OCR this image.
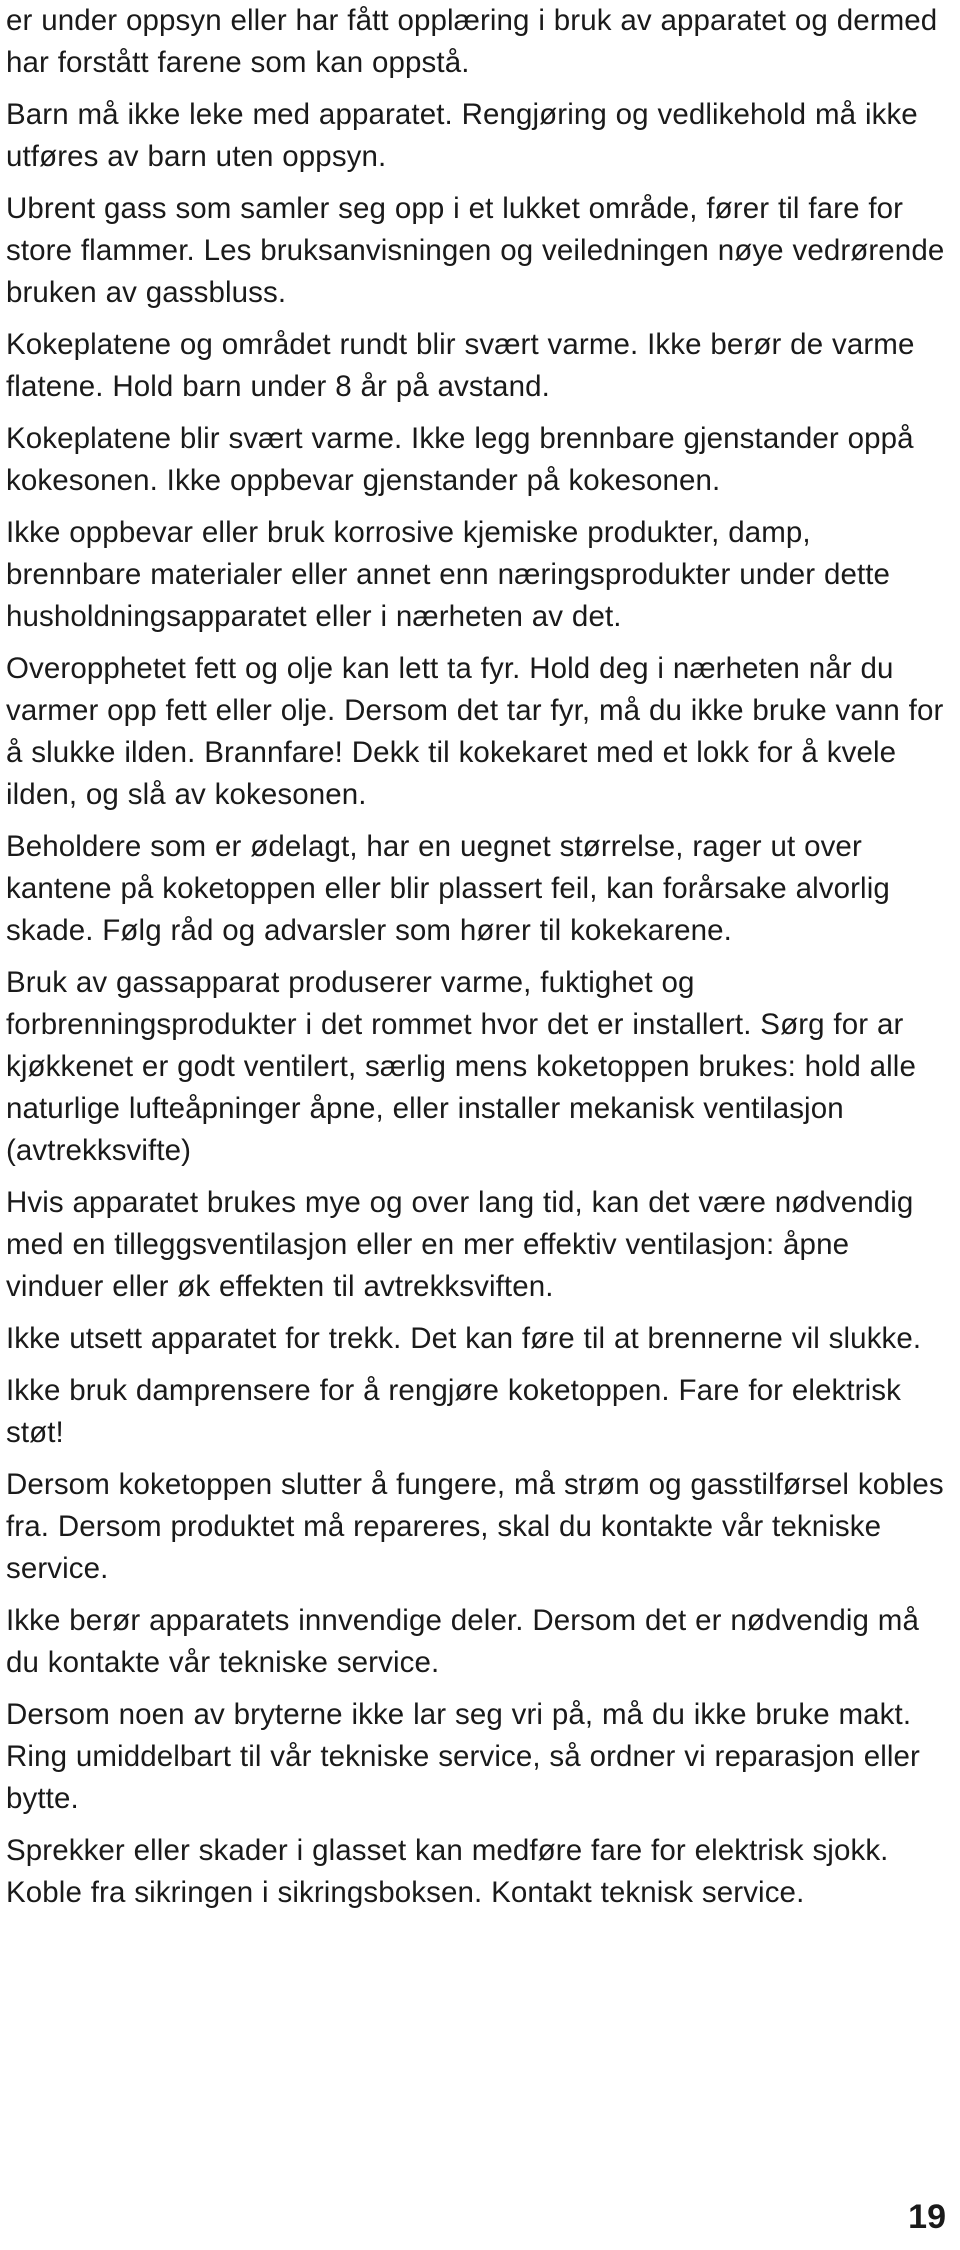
er under oppsyn eller har fått opplæring i bruk av apparatet og dermed har forstått farene som kan oppstå.

Barn må ikke leke med apparatet. Rengjøring og vedlikehold må ikke utføres av barn uten oppsyn.

Ubrent gass som samler seg opp i et lukket område, fører til fare for store flammer. Les bruksanvisningen og veiledningen nøye vedrørende bruken av gassbluss.

Kokeplatene og området rundt blir svært varme. Ikke berør de varme flatene. Hold barn under 8 år på avstand.

Kokeplatene blir svært varme. Ikke legg brennbare gjenstander oppå kokesonen. Ikke oppbevar gjenstander på kokesonen.

Ikke oppbevar eller bruk korrosive kjemiske produkter, damp, brennbare materialer eller annet enn næringsprodukter under dette husholdningsapparatet eller i nærheten av det.

Overopphetet fett og olje kan lett ta fyr. Hold deg i nærheten når du varmer opp fett eller olje. Dersom det tar fyr, må du ikke bruke vann for å slukke ilden. Brannfare! Dekk til kokekaret med et lokk for å kvele ilden, og slå av kokesonen.

Beholdere som er ødelagt, har en uegnet størrelse, rager ut over kantene på koketoppen eller blir plassert feil, kan forårsake alvorlig skade. Følg råd og advarsler som hører til kokekarene.

Bruk av gassapparat produserer varme, fuktighet og forbrenningsprodukter i det rommet hvor det er installert. Sørg for ar kjøkkenet er godt ventilert, særlig mens koketoppen brukes: hold alle naturlige lufteåpninger åpne, eller installer mekanisk ventilasjon (avtrekksvifte)

Hvis apparatet brukes mye og over lang tid, kan det være nødvendig med en tilleggsventilasjon eller en mer effektiv ventilasjon: åpne vinduer eller øk effekten til avtrekksviften.

Ikke utsett apparatet for trekk. Det kan føre til at brennerne vil slukke.

Ikke bruk damprensere for å rengjøre koketoppen. Fare for elektrisk støt!

Dersom koketoppen slutter å fungere, må strøm og gasstilførsel kobles fra. Dersom produktet må repareres, skal du kontakte vår tekniske service.

Ikke berør apparatets innvendige deler. Dersom det er nødvendig må du kontakte vår tekniske service.

Dersom noen av bryterne ikke lar seg vri på, må du ikke bruke makt. Ring umiddelbart til vår tekniske service, så ordner vi reparasjon eller bytte.

Sprekker eller skader i glasset kan medføre fare for elektrisk sjokk. Koble fra sikringen i sikringsboksen. Kontakt teknisk service.

19
